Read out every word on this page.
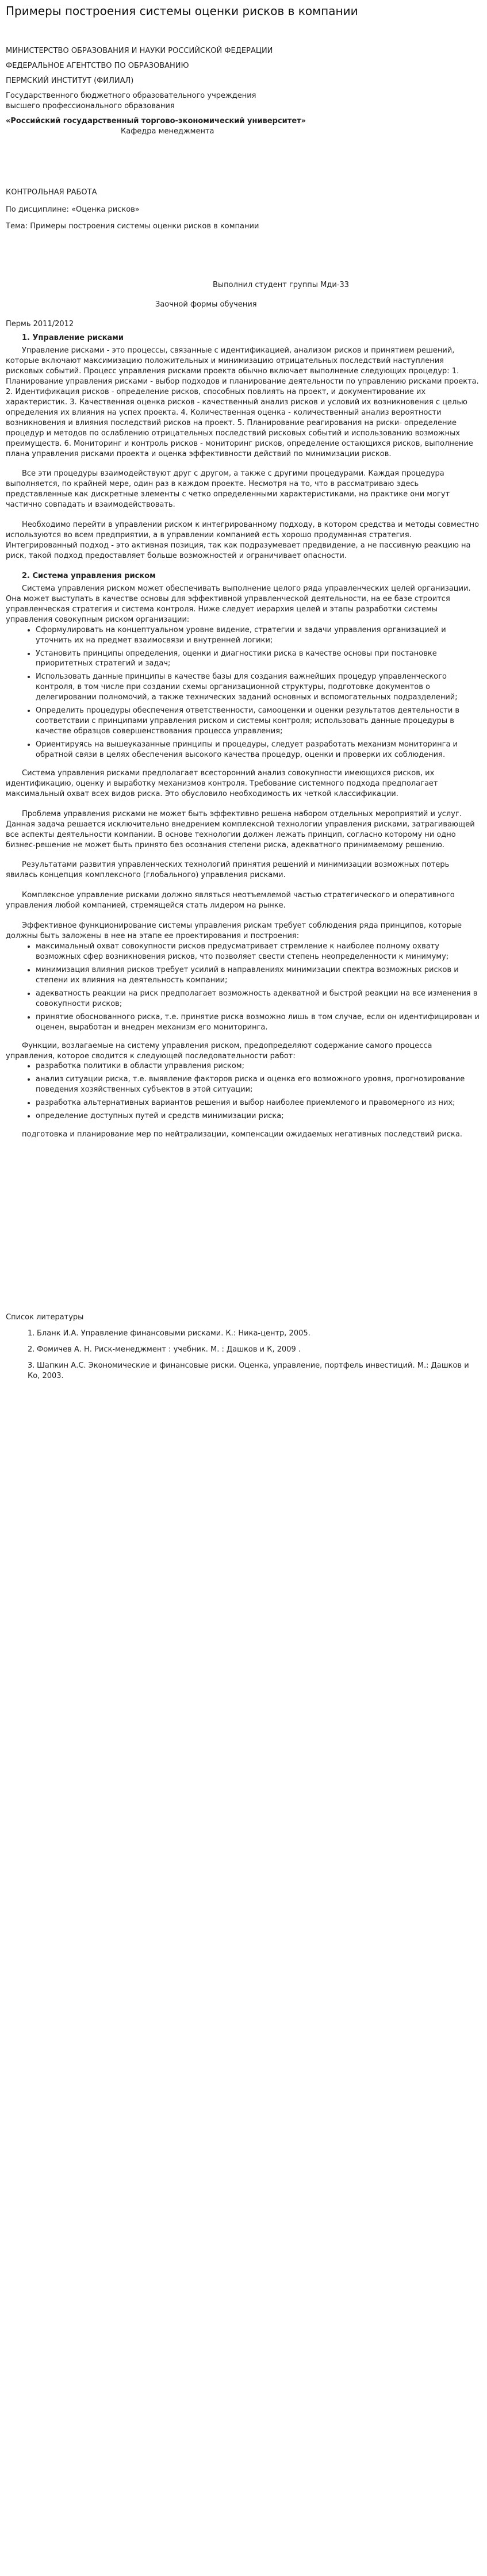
Примеры построения системы оценки рисков в компании

МИНИСТЕРСТВО ОБРАЗОВАНИЯ И НАУКИ РОССИЙСКОЙ ФЕДЕРАЦИИ

ФЕДЕРАЛЬНОЕ АГЕНТСТВО ПО ОБРАЗОВАНИЮ

ПЕРМСКИЙ ИНСТИТУТ (ФИЛИАЛ)

Государственного бюджетного образовательного учреждения

высшего профессионального образования

«Российский государственный торгово-экономический университет»

Кафедра менеджмента

КОНТРОЛЬНАЯ РАБОТА

По дисциплине: «Оценка рисков»

Тема: Примеры построения системы оценки рисков в компании

Выполнил студент группы Мди-33

Заочной формы обучения

Пермь 2011/2012

1. Управление рисками

Управление рисками - это процессы, связанные с идентификацией, анализом рисков и принятием решений, которые включают максимизацию положительных и минимизацию отрицательных последствий наступления рисковых событий. Процесс управления рисками проекта обычно включает выполнение следующих процедур: 1. Планирование управления рисками - выбор подходов и планирование деятельности по управлению рисками проекта. 2. Идентификация рисков - определение рисков, способных повлиять на проект, и документирование их характеристик. 3. Качественная оценка рисков - качественный анализ рисков и условий их возникновения с целью определения их влияния на успех проекта. 4. Количественная оценка - количественный анализ вероятности возникновения и влияния последствий рисков на проект. 5. Планирование реагирования на риски- определение процедур и методов по ослаблению отрицательных последствий рисковых событий и использованию возможных преимуществ. 6. Мониторинг и контроль рисков - мониторинг рисков, определение остающихся рисков, выполнение плана управления рисками проекта и оценка эффективности действий по минимизации рисков.

Все эти процедуры взаимодействуют друг с другом, а также с другими процедурами. Каждая процедура выполняется, по крайней мере, один раз в каждом проекте. Несмотря на то, что в рассматриваю здесь представленные как дискретные элементы с четко определенными характеристиками, на практике они могут частично совпадать и взаимодействовать.

Необходимо перейти в управлении риском к интегрированному подходу, в котором средства и методы совместно используются во всем предприятии, а в управлении компанией есть хорошо продуманная стратегия. Интегрированный подход - это активная позиция, так как подразумевает предвидение, а не пассивную реакцию на риск, такой подход предоставляет больше возможностей и ограничивает опасности.

2. Система управления риском

Система управления риском может обеспечивать выполнение целого ряда управленческих целей организации. Она может выступать в качестве основы для эффективной управленческой деятельности, на ее базе строится управленческая стратегия и система контроля. Ниже следует иерархия целей и этапы разработки системы управления совокупным риском организации:

• Сформулировать на концептуальном уровне видение, стратегии и задачи управления организацией и уточнить их на предмет взаимосвязи и внутренней логики;
• Установить принципы определения, оценки и диагностики риска в качестве основы при постановке приоритетных стратегий и задач;
• Использовать данные принципы в качестве базы для создания важнейших процедур управленческого контроля, в том числе при создании схемы организационной структуры, подготовке документов о делегировании полномочий, а также технических заданий основных и вспомогательных подразделений;
• Определить процедуры обеспечения ответственности, самооценки и оценки результатов деятельности в соответствии с принципами управления риском и системы контроля; использовать данные процедуры в качестве образцов совершенствования процесса управления;
• Ориентируясь на вышеуказанные принципы и процедуры, следует разработать механизм мониторинга и обратной связи в целях обеспечения высокого качества процедур, оценки и проверки их соблюдения.

Система управления рисками предполагает всесторонний анализ совокупности имеющихся рисков, их идентификацию, оценку и выработку механизмов контроля. Требование системного подхода предполагает максимальный охват всех видов риска. Это обусловило необходимость их четкой классификации.

Проблема управления рисками не может быть эффективно решена набором отдельных мероприятий и услуг. Данная задача решается исключительно внедрением комплексной технологии управления рисками, затрагивающей все аспекты деятельности компании. В основе технологии должен лежать принцип, согласно которому ни одно бизнес-решение не может быть принято без осознания степени риска, адекватного принимаемому решению.

Результатами развития управленческих технологий принятия решений и минимизации возможных потерь явилась концепция комплексного (глобального) управления рисками.

Комплексное управление рисками должно являться неотъемлемой частью стратегического и оперативного управления любой компанией, стремящейся стать лидером на рынке.

Эффективное функционирование системы управления рискам требует соблюдения ряда принципов, которые должны быть заложены в нее на этапе ее проектирования и построения:

• максимальный охват совокупности рисков предусматривает стремление к наиболее полному охвату возможных сфер возникновения рисков, что позволяет свести степень неопределенности к минимуму;
• минимизация влияния рисков требует усилий в направлениях минимизации спектра возможных рисков и степени их влияния на деятельность компании;
• адекватность реакции на риск предполагает возможность адекватной и быстрой реакции на все изменения в совокупности рисков;
• принятие обоснованного риска, т.е. принятие риска возможно лишь в том случае, если он идентифицирован и оценен, выработан и внедрен механизм его мониторинга.

Функции, возлагаемые на систему управления риском, предопределяют содержание самого процесса управления, которое сводится к следующей последовательности работ:

• разработка политики в области управления риском;
• анализ ситуации риска, т.е. выявление факторов риска и оценка его возможного уровня, прогнозирование поведения хозяйственных субъектов в этой ситуации;
• разработка альтернативных вариантов решения и выбор наиболее приемлемого и правомерного из них;
• определение доступных путей и средств минимизации риска;

подготовка и планирование мер по нейтрализации, компенсации ожидаемых негативных последствий риска.

Список литературы

1. Бланк И.А. Управление финансовыми рисками. К.: Ника-центр, 2005.
2. Фомичев А. Н. Риск-менеджмент : учебник. М. : Дашков и К, 2009 .
3. Шапкин А.С. Экономические и финансовые риски. Оценка, управление, портфель инвестиций. М.: Дашков и Ко, 2003.
